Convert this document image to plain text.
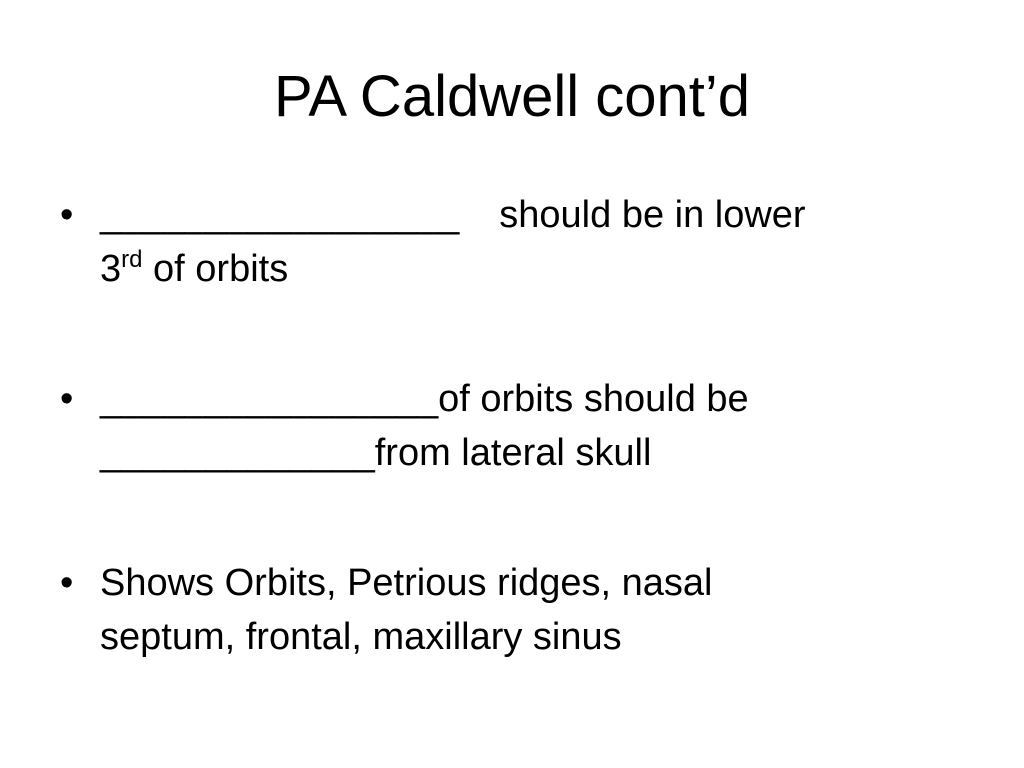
PA Caldwell cont’d
• _________________ should be in lower
3rd of orbits
• ________________of orbits should be
_____________from lateral skull
• Shows Orbits, Petrious ridges, nasal
septum, frontal, maxillary sinus
